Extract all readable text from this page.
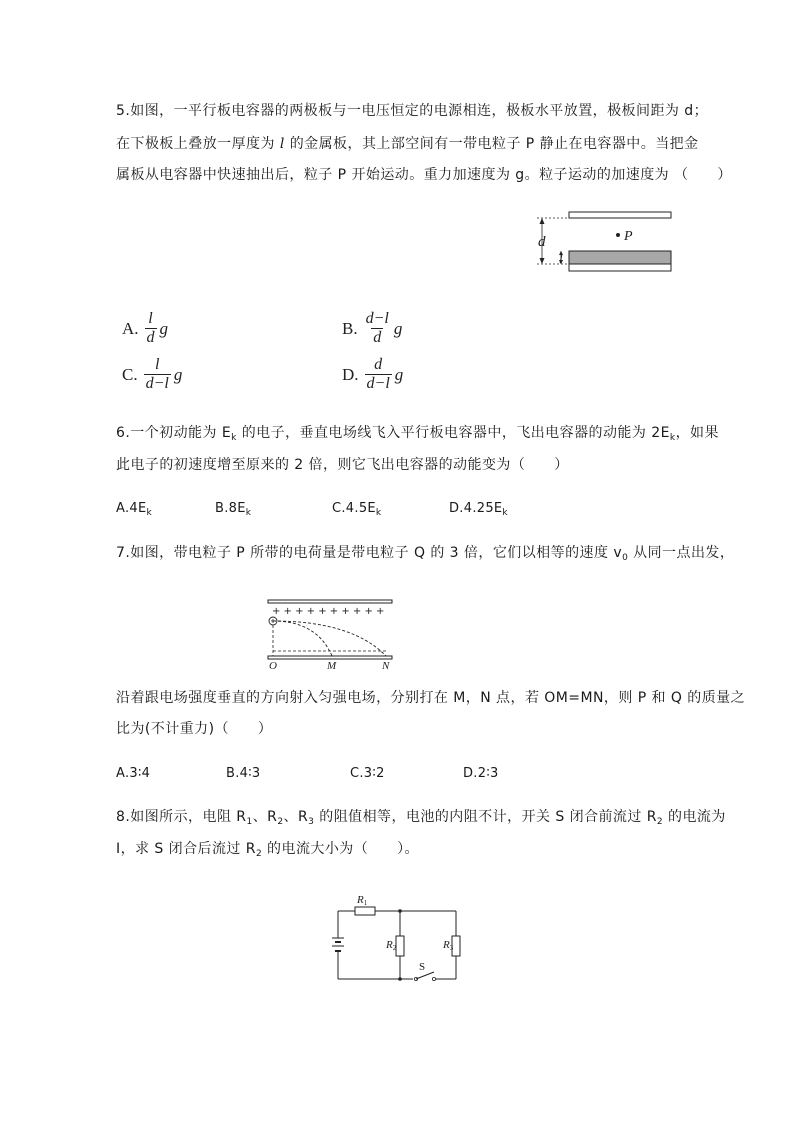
5.如图，一平行板电容器的两极板与一电压恒定的电源相连，极板水平放置，极板间距为 d；
在下极板上叠放一厚度为 l 的金属板，其上部空间有一带电粒子 P 静止在电容器中。当把金
属板从电容器中快速抽出后，粒子 P 开始运动。重力加速度为 g。粒子运动的加速度为 （　　）
d
l
P
A. $\frac{l}{d}$ g	B. $\frac{d-l}{d}$ g
C. $\frac{l}{d-l}$ g	D. $\frac{d}{d-l}$ g
6.一个初动能为 $E_k$ 的电子，垂直电场线飞入平行板电容器中，飞出电容器的动能为 $2E_k$，如果
此电子的初速度增至原来的 2 倍，则它飞出电容器的动能变为（　　）
$A.4E_k$	$B.8E_k$	$C.4.5E_k$	$D.4.25E_k$
7.如图，带电粒子 P 所带的电荷量是带电粒子 Q 的 3 倍，它们以相等的速度 $v_0$ 从同一点出发，
+ + + + + + + + + +
O	M	N
沿着跟电场强度垂直的方向射入匀强电场，分别打在 M，N 点，若 OM=MN，则 P 和 Q 的质量之
比为(不计重力)（　　）
A.3∶4	B.4∶3	C.3∶2	D.2∶3
8.如图所示，电阻 $R_1$、$R_2$、$R_3$ 的阻值相等，电池的内阻不计，开关 S 闭合前流过 $R_2$ 的电流为
I，求 S 闭合后流过 $R_2$ 的电流大小为（　　）。
R1
R2	R3
S
